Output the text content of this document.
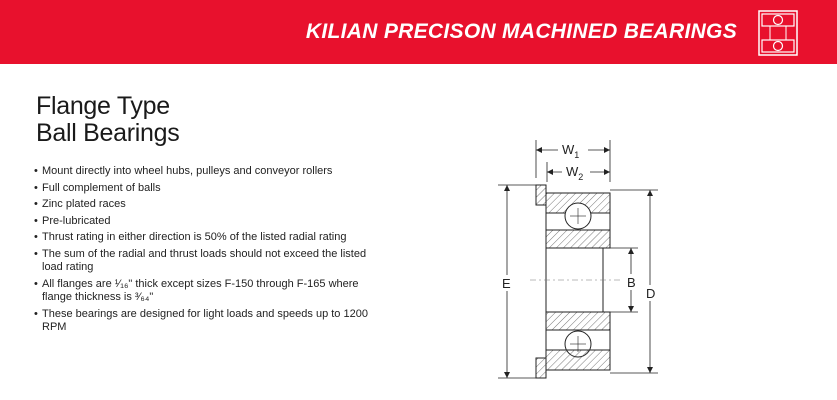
KILIAN PRECISON MACHINED BEARINGS
Flange Type
Ball Bearings
• Mount directly into wheel hubs, pulleys and conveyor rollers
• Full complement of balls
• Zinc plated races
• Pre-lubricated
• Thrust rating in either direction is 50% of the listed radial rating
• The sum of the radial and thrust loads should not exceed the listed load rating
• All flanges are ¹⁄₁₆" thick except sizes F-150 through F-165 where flange thickness is ³⁄₆₄"
• These bearings are designed for light loads and speeds up to 1200 RPM
$W_1$
$W_2$
E
D
B
